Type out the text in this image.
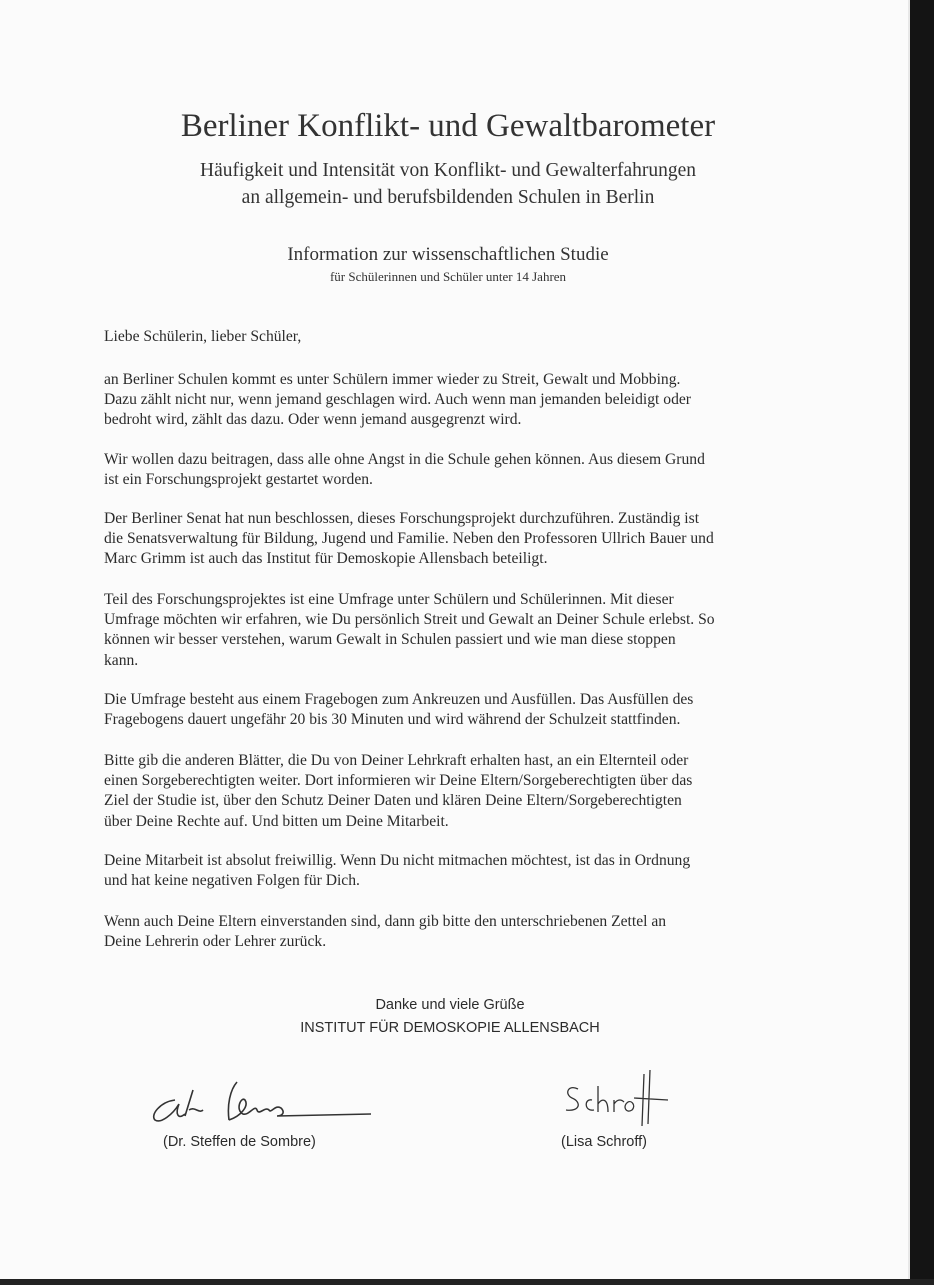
Berliner Konflikt- und Gewaltbarometer
Häufigkeit und Intensität von Konflikt- und Gewalterfahrungen
an allgemein- und berufsbildenden Schulen in Berlin
Information zur wissenschaftlichen Studie
für Schülerinnen und Schüler unter 14 Jahren
Liebe Schülerin, lieber Schüler,
an Berliner Schulen kommt es unter Schülern immer wieder zu Streit, Gewalt und Mobbing.
Dazu zählt nicht nur, wenn jemand geschlagen wird. Auch wenn man jemanden beleidigt oder
bedroht wird, zählt das dazu. Oder wenn jemand ausgegrenzt wird.
Wir wollen dazu beitragen, dass alle ohne Angst in die Schule gehen können. Aus diesem Grund
ist ein Forschungsprojekt gestartet worden.
Der Berliner Senat hat nun beschlossen, dieses Forschungsprojekt durchzuführen. Zuständig ist
die Senatsverwaltung für Bildung, Jugend und Familie. Neben den Professoren Ullrich Bauer und
Marc Grimm ist auch das Institut für Demoskopie Allensbach beteiligt.
Teil des Forschungsprojektes ist eine Umfrage unter Schülern und Schülerinnen. Mit dieser
Umfrage möchten wir erfahren, wie Du persönlich Streit und Gewalt an Deiner Schule erlebst. So
können wir besser verstehen, warum Gewalt in Schulen passiert und wie man diese stoppen
kann.
Die Umfrage besteht aus einem Fragebogen zum Ankreuzen und Ausfüllen. Das Ausfüllen des
Fragebogens dauert ungefähr 20 bis 30 Minuten und wird während der Schulzeit stattfinden.
Bitte gib die anderen Blätter, die Du von Deiner Lehrkraft erhalten hast, an ein Elternteil oder
einen Sorgeberechtigten weiter. Dort informieren wir Deine Eltern/Sorgeberechtigten über das
Ziel der Studie ist, über den Schutz Deiner Daten und klären Deine Eltern/Sorgeberechtigten
über Deine Rechte auf. Und bitten um Deine Mitarbeit.
Deine Mitarbeit ist absolut freiwillig. Wenn Du nicht mitmachen möchtest, ist das in Ordnung
und hat keine negativen Folgen für Dich.
Wenn auch Deine Eltern einverstanden sind, dann gib bitte den unterschriebenen Zettel an
Deine Lehrerin oder Lehrer zurück.
Danke und viele Grüße
INSTITUT FÜR DEMOSKOPIE ALLENSBACH
(Dr. Steffen de Sombre)	(Lisa Schroff)
